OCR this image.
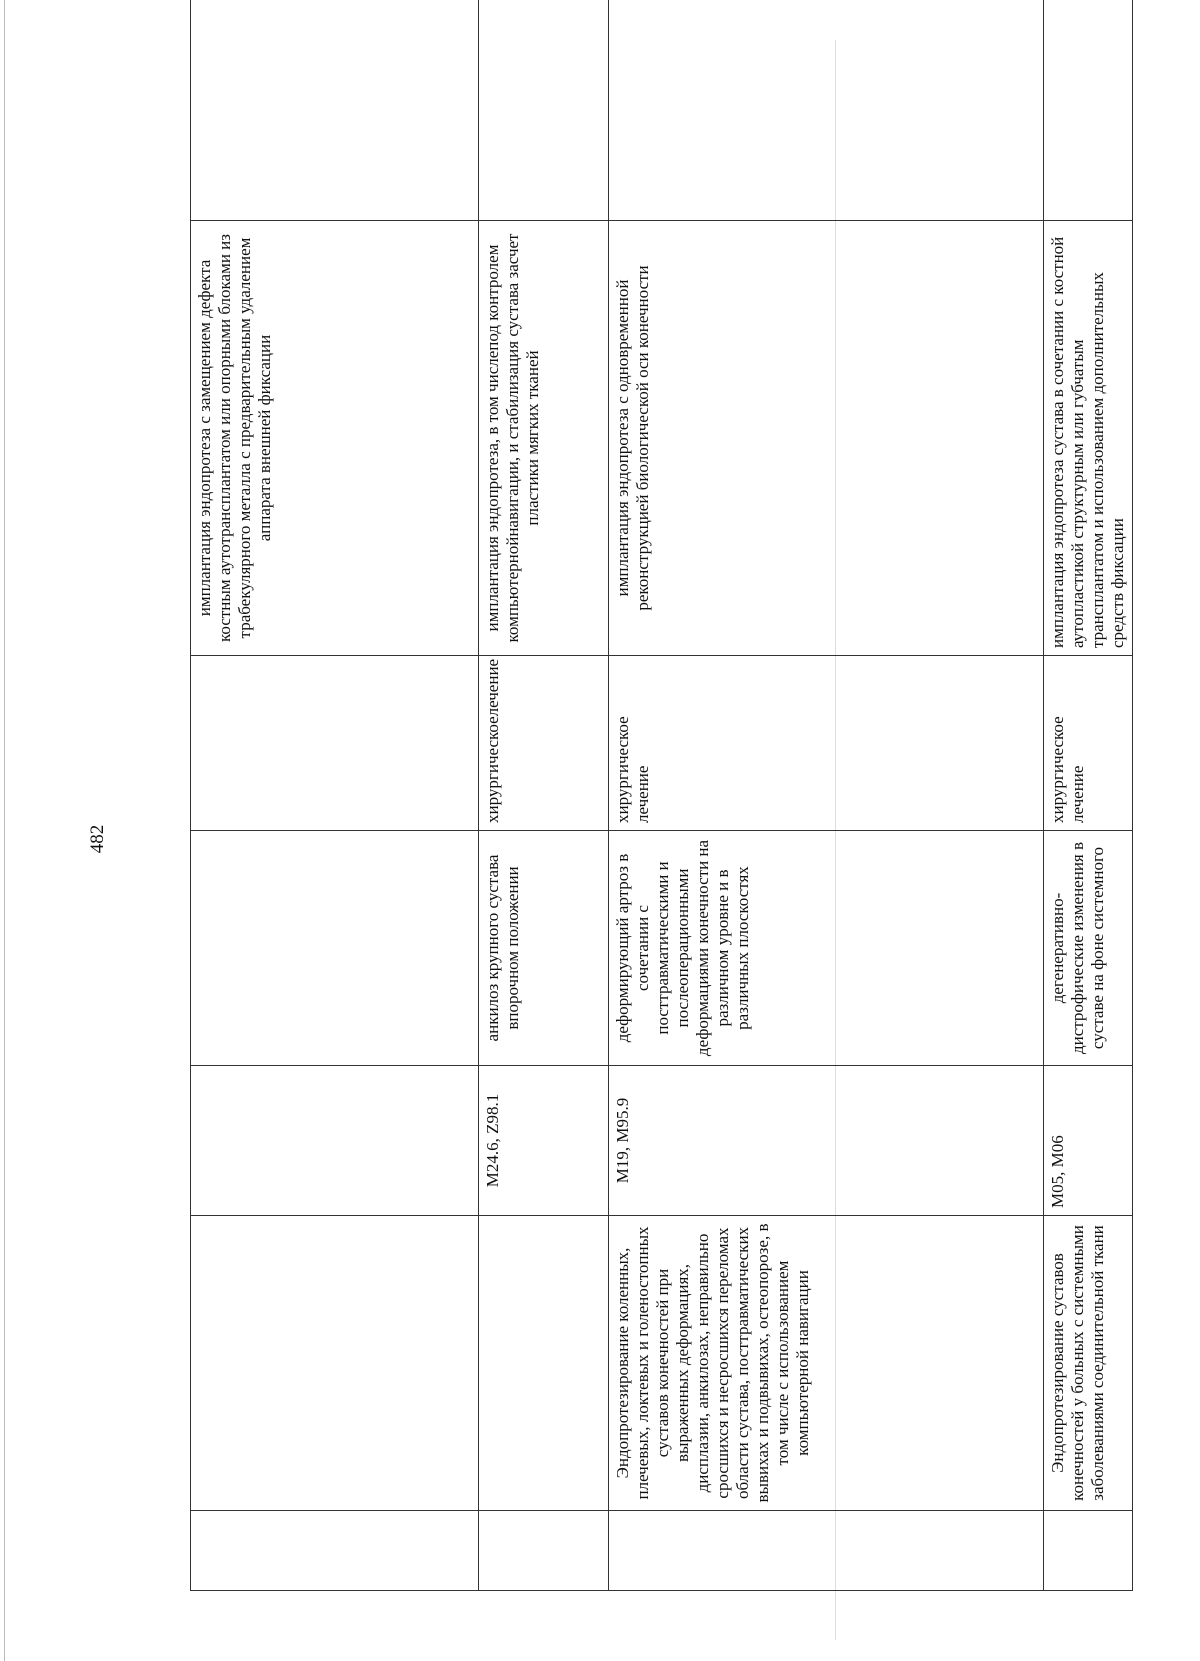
482
					имплантация эндопротеза с замещением дефекта костным аутотрансплантатом или опорными блоками из трабекулярного металла с предварительным удалением аппарата внешней фиксации	
		M24.6, Z98.1	анкилоз крупного сустава впорочном положении	хирургическоелечение	имплантация эндопротеза, в том числепод контролем компьютернойнавигации, и стабилизация сустава засчет пластики мягких тканей	
	Эндопротезирование коленных, плечевых, локтевых и голеностопных суставов конечностей при выраженных деформациях, дисплазии, анкилозах, неправильно сросшихся и несросшихся переломах области сустава, посттравматических вывихах и подвывихах, остеопорозе, в том числе с использованием компьютерной навигации	M19, M95.9	деформирующий артроз в сочетании с посттравматическими и послеоперационными деформациями конечности на различном уровне и в различных плоскостях	хирургическое лечение	имплантация эндопротеза с одновременной реконструкцией биологической оси конечности	
	Эндопротезирование суставов конечностей у больных с системными заболеваниями соединительной ткани	M05, M06	дегенеративно-дистрофические изменения в суставе на фоне системного	хирургическое лечение	имплантация эндопротеза сустава в сочетании с костной аутопластикой структурным или губчатым трансплантатом и использованием дополнительных средств фиксации	
